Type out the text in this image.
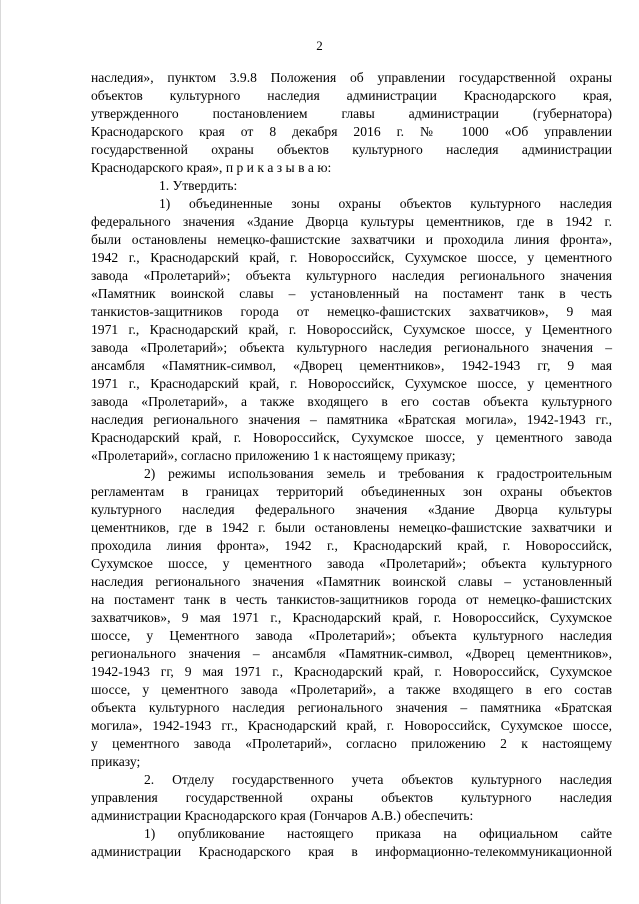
2
наследия», пунктом 3.9.8 Положения об управлении государственной охраны
объектов культурного наследия администрации Краснодарского края,
утвержденного постановлением главы администрации (губернатора)
Краснодарского края от 8 декабря 2016 г. № 1000 «Об управлении
государственной охраны объектов культурного наследия администрации
Краснодарского края», п р и к а з ы в а ю:
1. Утвердить:
1) объединенные зоны охраны объектов культурного наследия
федерального значения «Здание Дворца культуры цементников, где в 1942 г.
были остановлены немецко-фашистские захватчики и проходила линия фронта»,
1942 г., Краснодарский край, г. Новороссийск, Сухумское шоссе, у цементного
завода «Пролетарий»; объекта культурного наследия регионального значения
«Памятник воинской славы – установленный на постамент танк в честь
танкистов-защитников города от немецко-фашистских захватчиков», 9 мая
1971 г., Краснодарский край, г. Новороссийск, Сухумское шоссе, у Цементного
завода «Пролетарий»; объекта культурного наследия регионального значения –
ансамбля «Памятник-символ, «Дворец цементников», 1942-1943 гг, 9 мая
1971 г., Краснодарский край, г. Новороссийск, Сухумское шоссе, у цементного
завода «Пролетарий», а также входящего в его состав объекта культурного
наследия регионального значения – памятника «Братская могила», 1942-1943 гг.,
Краснодарский край, г. Новороссийск, Сухумское шоссе, у цементного завода
«Пролетарий», согласно приложению 1 к настоящему приказу;
2) режимы использования земель и требования к градостроительным
регламентам в границах территорий объединенных зон охраны объектов
культурного наследия федерального значения «Здание Дворца культуры
цементников, где в 1942 г. были остановлены немецко-фашистские захватчики и
проходила линия фронта», 1942 г., Краснодарский край, г. Новороссийск,
Сухумское шоссе, у цементного завода «Пролетарий»; объекта культурного
наследия регионального значения «Памятник воинской славы – установленный
на постамент танк в честь танкистов-защитников города от немецко-фашистских
захватчиков», 9 мая 1971 г., Краснодарский край, г. Новороссийск, Сухумское
шоссе, у Цементного завода «Пролетарий»; объекта культурного наследия
регионального значения – ансамбля «Памятник-символ, «Дворец цементников»,
1942-1943 гг, 9 мая 1971 г., Краснодарский край, г. Новороссийск, Сухумское
шоссе, у цементного завода «Пролетарий», а также входящего в его состав
объекта культурного наследия регионального значения – памятника «Братская
могила», 1942-1943 гг., Краснодарский край, г. Новороссийск, Сухумское шоссе,
у цементного завода «Пролетарий», согласно приложению 2 к настоящему
приказу;
2. Отделу государственного учета объектов культурного наследия
управления государственной охраны объектов культурного наследия
администрации Краснодарского края (Гончаров А.В.) обеспечить:
1) опубликование настоящего приказа на официальном сайте
администрации Краснодарского края в информационно-телекоммуникационной
